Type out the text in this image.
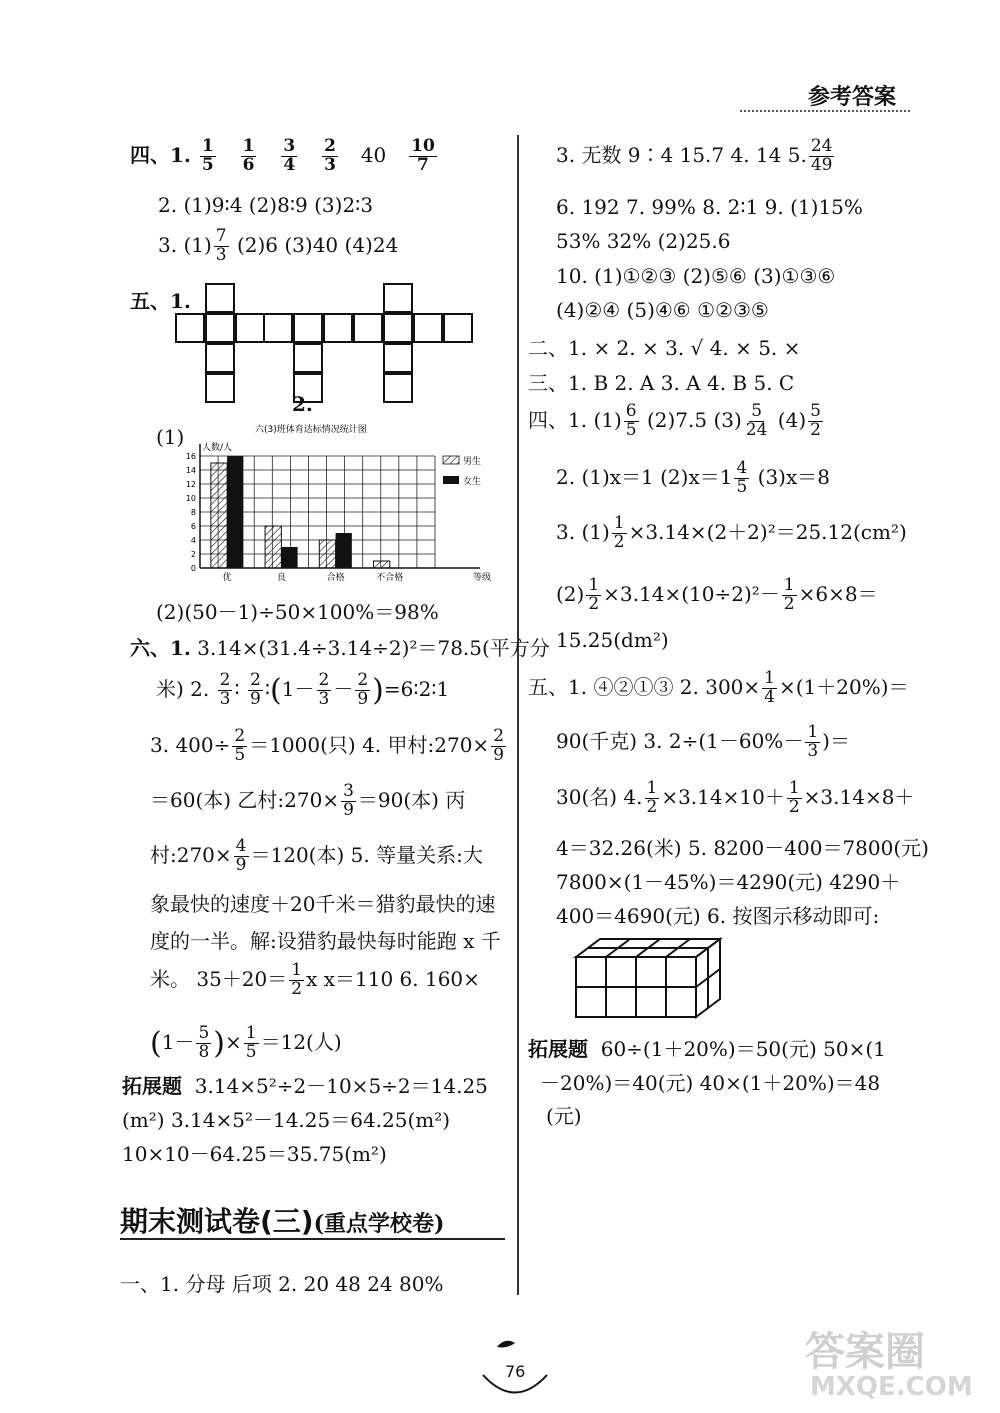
参考答案
四、1. $\frac{1}{5}$
$\frac{1}{6}$
$\frac{3}{4}$
$\frac{2}{3} 40 \frac{10}{7}$
2. (1)9∶4 (2)8∶9 (3)2∶3
3. $(1) \frac{7}{3} (2)6$ (3)40 (4)24
五、1.
2.
(1)	六(3)班体育达标情况统计图
人数/人
0
2
4
6
8
10
12
14
16
优	良	合格	不合格	等级
男生
女生
(2)(50－1)÷50×100%＝98%
六、1. 3.14×(31.4÷3.14÷2)²＝78.5(平方分
米) 2. $\frac{2}{3}$ ∶ $\frac{2}{9}$ ∶(1－ $\frac{2}{3} - \frac{2}{9}$ )=6∶2∶1
3. $400\div \frac{2}{5} =1000$(只) 4. 甲村:270× $\frac{2}{9}$
＝60(本) 乙村:270× $\frac{3}{9} =90$(本) 丙
村:270× $\frac{4}{9} =120$(本) 5. 等量关系:大
象最快的速度＋20千米＝猎豹最快的速
度的一半。解:设猎豹最快每时能跑 x 千
米。 $35+20= \frac{1}{2}$ x x＝110 6. 160×
($1- \frac{5}{8}$ )× $\frac{1}{5} =12$(人)
拓展题 3.14×5²÷2－10×5÷2＝14.25
(m²) 3.14×5²－14.25＝64.25(m²)
10×10－64.25＝35.75(m²)
期末测试卷(三)(重点学校卷)
一、1. 分母 后项 2. 20 48 24 80%
3. 无数 9∶4 15.7 4. 14 5. $\frac{24}{49}$
6. 192 7. 99% 8. 2∶1 9. (1)15%
53% 32% (2)25.6
10. (1)①②③ (2)⑤⑥ (3)①③⑥
(4)②④ (5)④⑥ ①②③⑤
二、1. × 2. × 3. √ 4. × 5. ×
三、1. B 2. A 3. A 4. B 5. C
四、1. $(1) \frac{6}{5} (2)7.5$ $(3) \frac{5}{24} (4) \frac{5}{2}$
2. (1)x＝1 $(2)x=1 \frac{4}{5} (3)x=8$
3. $(1) \frac{1}{2} \times 3.14\times(2+2)^2=25.12(cm^2)$
$(2) \frac{1}{2} \times 3.14\times(10\div 2)^2- \frac{1}{2} \times 6\times 8=$
15.25(dm²)
五、1. ④②①③ 2. $300\times \frac{1}{4} \times(1+20\%)=$
90(千克) 3. $2\div(1-60\%- \frac{1}{3}$ )＝
30(名) 4. $\frac{1}{2} \times 3.14\times 10+ \frac{1}{2} \times 3.14\times 8+$
4＝32.26(米) 5. 8200－400＝7800(元)
7800×(1－45%)＝4290(元) 4290＋
400＝4690(元) 6. 按图示移动即可:
拓展题 60÷(1＋20%)＝50(元) 50×(1
－20%)＝40(元) 40×(1＋20%)＝48
(元)
76	答案圈
MXQE.COM
